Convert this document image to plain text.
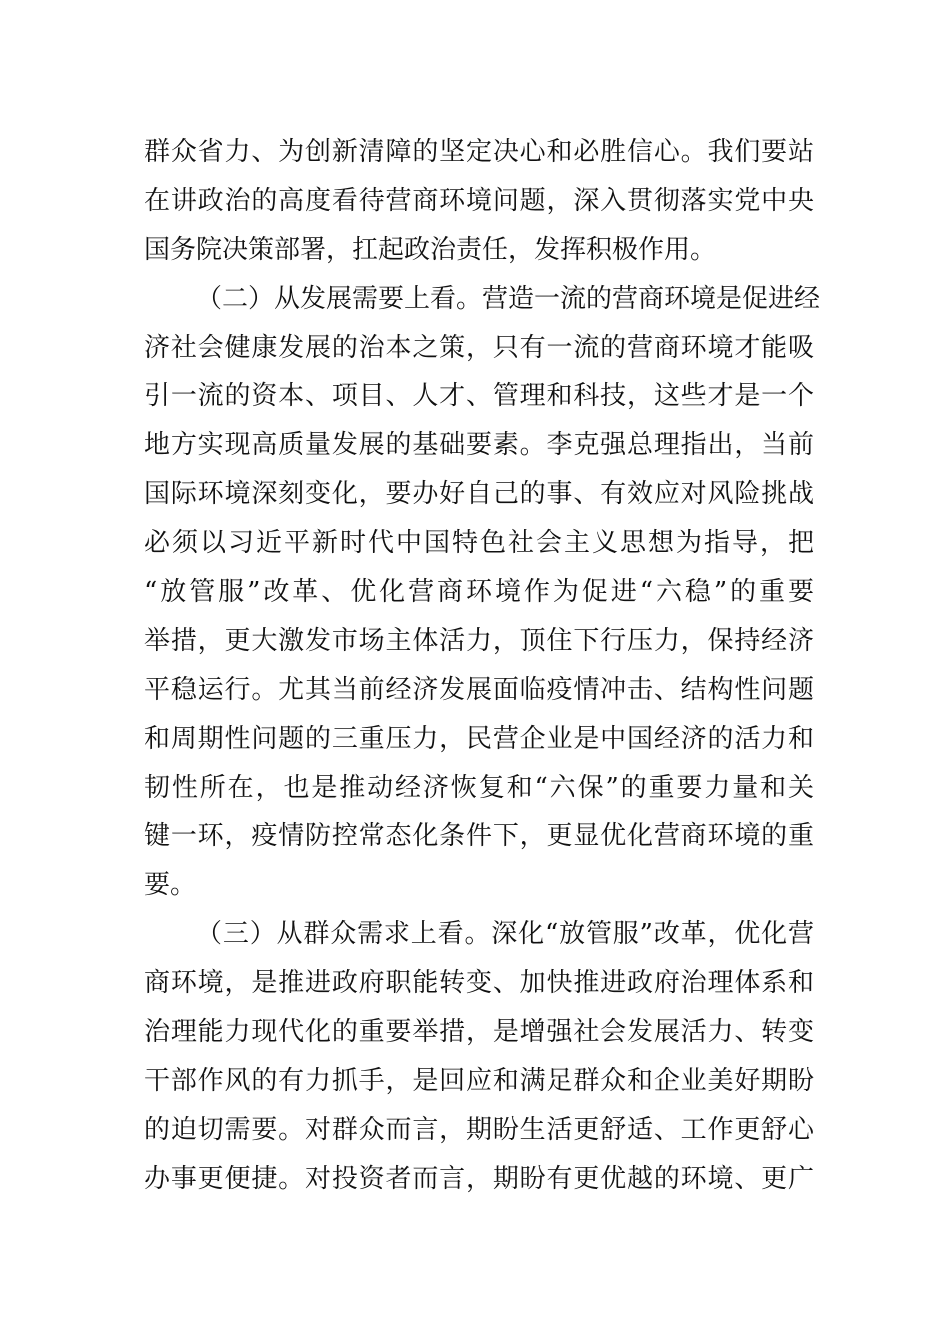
群众省力、为创新清障的坚定决心和必胜信心。我们要站
在讲政治的高度看待营商环境问题，深入贯彻落实党中央
国务院决策部署，扛起政治责任，发挥积极作用。
（二）从发展需要上看。营造一流的营商环境是促进经
济社会健康发展的治本之策，只有一流的营商环境才能吸
引一流的资本、项目、人才、管理和科技，这些才是一个
地方实现高质量发展的基础要素。李克强总理指出，当前
国际环境深刻变化，要办好自己的事、有效应对风险挑战
必须以习近平新时代中国特色社会主义思想为指导，把
“放管服”改革、优化营商环境作为促进“六稳”的重要
举措，更大激发市场主体活力，顶住下行压力，保持经济
平稳运行。尤其当前经济发展面临疫情冲击、结构性问题
和周期性问题的三重压力，民营企业是中国经济的活力和
韧性所在，也是推动经济恢复和“六保”的重要力量和关
键一环，疫情防控常态化条件下，更显优化营商环境的重
要。
（三）从群众需求上看。深化“放管服”改革，优化营
商环境，是推进政府职能转变、加快推进政府治理体系和
治理能力现代化的重要举措，是增强社会发展活力、转变
干部作风的有力抓手，是回应和满足群众和企业美好期盼
的迫切需要。对群众而言，期盼生活更舒适、工作更舒心
办事更便捷。对投资者而言，期盼有更优越的环境、更广
